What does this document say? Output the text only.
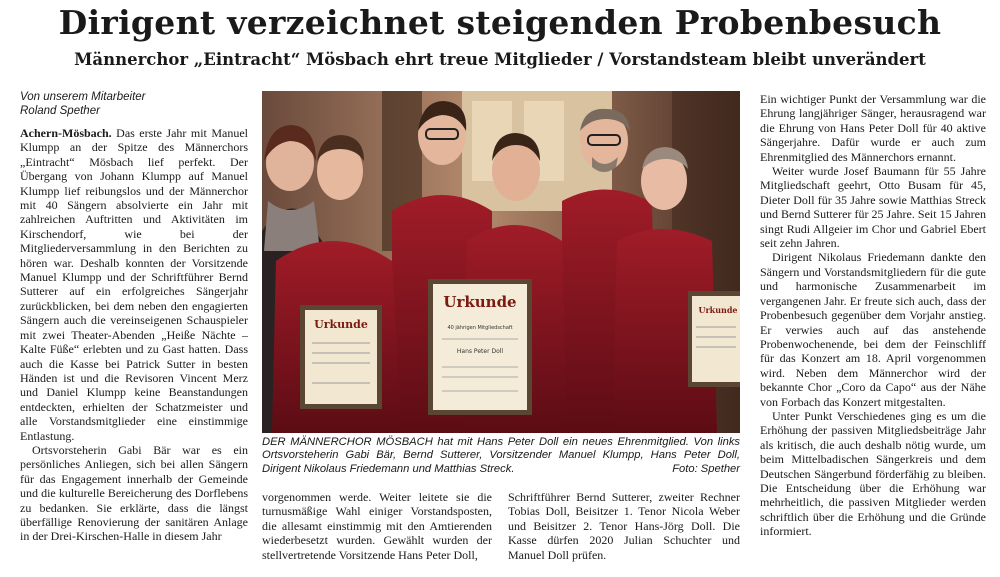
Dirigent verzeichnet steigenden Probenbesuch
Männerchor „Eintracht“ Mösbach ehrt treue Mitglieder / Vorstandsteam bleibt unverändert
Von unserem Mitarbeiter
Roland Spether

Achern-Mösbach. Das erste Jahr mit Manuel Klumpp an der Spitze des Männerchors „Eintracht“ Mösbach lief perfekt. Der Übergang von Johann Klumpp auf Manuel Klumpp lief reibungslos und der Männerchor mit 40 Sängern absolvierte ein Jahr mit zahlreichen Auftritten und Aktivitäten im Kirschendorf, wie bei der Mitgliederversammlung in den Berichten zu hören war. Deshalb konnten der Vorsitzende Manuel Klumpp und der Schriftführer Bernd Sutterer auf ein erfolgreiches Sängerjahr zurückblicken, bei dem neben den engagierten Sängern auch die vereinseigenen Schauspieler mit zwei Theater-Abenden „Heiße Nächte – Kalte Füße“ erlebten und zu Gast hatten. Dass auch die Kasse bei Patrick Sutter in besten Händen ist und die Revisoren Vincent Merz und Daniel Klumpp keine Beanstandungen entdeckten, erhielten der Schatzmeister und alle Vorstandsmitglieder eine einstimmige Entlastung.

Ortsvorsteherin Gabi Bär war es ein persönliches Anliegen, sich bei allen Sängern für das Engagement innerhalb der Gemeinde und die kulturelle Bereicherung des Dorflebens zu bedanken. Sie erklärte, dass die längst überfällige Renovierung der sanitären Anlage in der Drei-Kirschen-Halle in diesem Jahr

Urkunde
Urkunde
40 jährigen Mitgliedschaft
Hans Peter Doll
Urkunde
DER MÄNNERCHOR MÖSBACH hat mit Hans Peter Doll ein neues Ehrenmitglied. Von links Ortsvorsteherin Gabi Bär, Bernd Sutterer, Vorsitzender Manuel Klumpp, Hans Peter Doll, Dirigent Nikolaus Friedemann und Matthias Streck.	Foto: Spether

vorgenommen werde. Weiter leitete sie die turnusmäßige Wahl einiger Vorstandsposten, die allesamt einstimmig mit den Amtierenden wiederbesetzt wurden. Gewählt wurden der stellvertretende Vorsitzende Hans Peter Doll,

Schriftführer Bernd Sutterer, zweiter Rechner Tobias Doll, Beisitzer 1. Tenor Nicola Weber und Beisitzer 2. Tenor Hans-Jörg Doll. Die Kasse dürfen 2020 Julian Schuchter und Manuel Doll prüfen.

Ein wichtiger Punkt der Versammlung war die Ehrung langjähriger Sänger, herausragend war die Ehrung von Hans Peter Doll für 40 aktive Sängerjahre. Dafür wurde er auch zum Ehrenmitglied des Männerchors ernannt.

Weiter wurde Josef Baumann für 55 Jahre Mitgliedschaft geehrt, Otto Busam für 45, Dieter Doll für 35 Jahre sowie Matthias Streck und Bernd Sutterer für 25 Jahre. Seit 15 Jahren singt Rudi Allgeier im Chor und Gabriel Ebert seit zehn Jahren.

Dirigent Nikolaus Friedemann dankte den Sängern und Vorstandsmitgliedern für die gute und harmonische Zusammenarbeit im vergangenen Jahr. Er freute sich auch, dass der Probenbesuch gegenüber dem Vorjahr anstieg. Er verwies auch auf das anstehende Probenwochenende, bei dem der Feinschliff für das Konzert am 18. April vorgenommen wird. Neben dem Männerchor wird der bekannte Chor „Coro da Capo“ aus der Nähe von Forbach das Konzert mitgestalten.

Unter Punkt Verschiedenes ging es um die Erhöhung der passiven Mitgliedsbeiträge Jahr als kritisch, die auch deshalb nötig wurde, um beim Mittelbadischen Sängerkreis und dem Deutschen Sängerbund förderfähig zu bleiben. Die Entscheidung über die Erhöhung war mehrheitlich, die passiven Mitglieder werden schriftlich über die Erhöhung und die Gründe informiert.
